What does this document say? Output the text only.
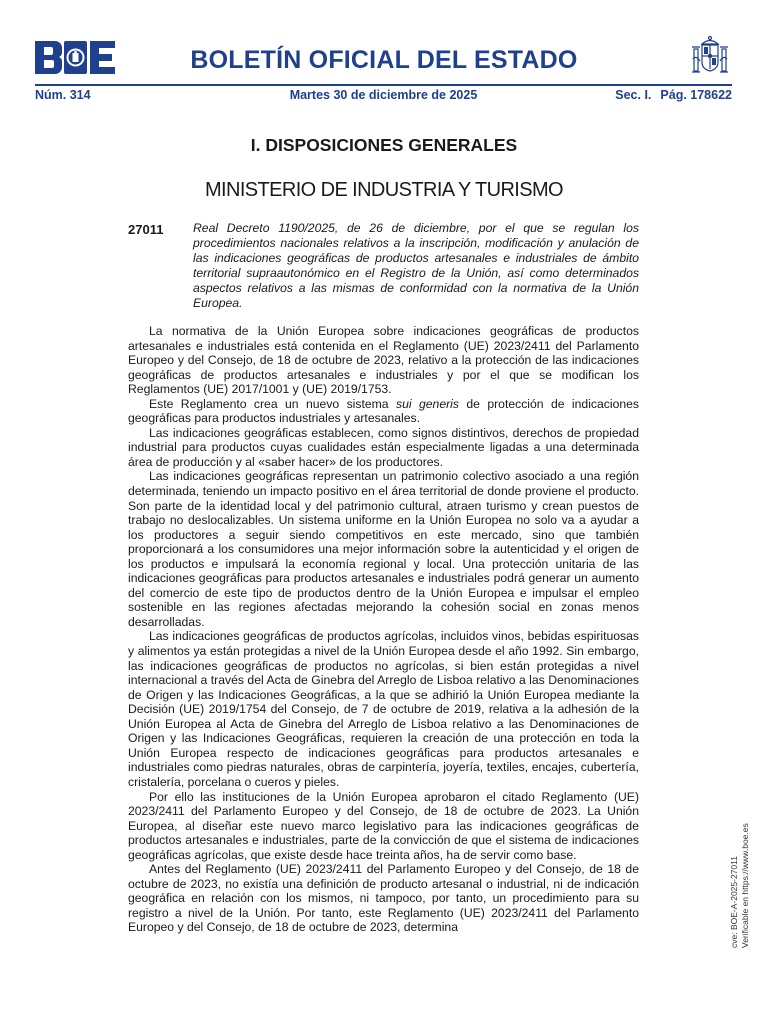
BOLETÍN OFICIAL DEL ESTADO
Núm. 314	Martes 30 de diciembre de 2025	Sec. I. Pág. 178622
I. DISPOSICIONES GENERALES
MINISTERIO DE INDUSTRIA Y TURISMO
27011 Real Decreto 1190/2025, de 26 de diciembre, por el que se regulan los procedimientos nacionales relativos a la inscripción, modificación y anulación de las indicaciones geográficas de productos artesanales e industriales de ámbito territorial supraautonómico en el Registro de la Unión, así como determinados aspectos relativos a las mismas de conformidad con la normativa de la Unión Europea.

La normativa de la Unión Europea sobre indicaciones geográficas de productos artesanales e industriales está contenida en el Reglamento (UE) 2023/2411 del Parlamento Europeo y del Consejo, de 18 de octubre de 2023, relativo a la protección de las indicaciones geográficas de productos artesanales e industriales y por el que se modifican los Reglamentos (UE) 2017/1001 y (UE) 2019/1753.

Este Reglamento crea un nuevo sistema sui generis de protección de indicaciones geográficas para productos industriales y artesanales.

Las indicaciones geográficas establecen, como signos distintivos, derechos de propiedad industrial para productos cuyas cualidades están especialmente ligadas a una determinada área de producción y al «saber hacer» de los productores.

Las indicaciones geográficas representan un patrimonio colectivo asociado a una región determinada, teniendo un impacto positivo en el área territorial de donde proviene el producto. Son parte de la identidad local y del patrimonio cultural, atraen turismo y crean puestos de trabajo no deslocalizables. Un sistema uniforme en la Unión Europea no solo va a ayudar a los productores a seguir siendo competitivos en este mercado, sino que también proporcionará a los consumidores una mejor información sobre la autenticidad y el origen de los productos e impulsará la economía regional y local. Una protección unitaria de las indicaciones geográficas para productos artesanales e industriales podrá generar un aumento del comercio de este tipo de productos dentro de la Unión Europea e impulsar el empleo sostenible en las regiones afectadas mejorando la cohesión social en zonas menos desarrolladas.

Las indicaciones geográficas de productos agrícolas, incluidos vinos, bebidas espirituosas y alimentos ya están protegidas a nivel de la Unión Europea desde el año 1992. Sin embargo, las indicaciones geográficas de productos no agrícolas, si bien están protegidas a nivel internacional a través del Acta de Ginebra del Arreglo de Lisboa relativo a las Denominaciones de Origen y las Indicaciones Geográficas, a la que se adhirió la Unión Europea mediante la Decisión (UE) 2019/1754 del Consejo, de 7 de octubre de 2019, relativa a la adhesión de la Unión Europea al Acta de Ginebra del Arreglo de Lisboa relativo a las Denominaciones de Origen y las Indicaciones Geográficas, requieren la creación de una protección en toda la Unión Europea respecto de indicaciones geográficas para productos artesanales e industriales como piedras naturales, obras de carpintería, joyería, textiles, encajes, cubertería, cristalería, porcelana o cueros y pieles.

Por ello las instituciones de la Unión Europea aprobaron el citado Reglamento (UE) 2023/2411 del Parlamento Europeo y del Consejo, de 18 de octubre de 2023. La Unión Europea, al diseñar este nuevo marco legislativo para las indicaciones geográficas de productos artesanales e industriales, parte de la convicción de que el sistema de indicaciones geográficas agrícolas, que existe desde hace treinta años, ha de servir como base.

Antes del Reglamento (UE) 2023/2411 del Parlamento Europeo y del Consejo, de 18 de octubre de 2023, no existía una definición de producto artesanal o industrial, ni de indicación geográfica en relación con los mismos, ni tampoco, por tanto, un procedimiento para su registro a nivel de la Unión. Por tanto, este Reglamento (UE) 2023/2411 del Parlamento Europeo y del Consejo, de 18 de octubre de 2023, determina	cve: BOE-A-2025-27011 Verificable en https://www.boe.es
